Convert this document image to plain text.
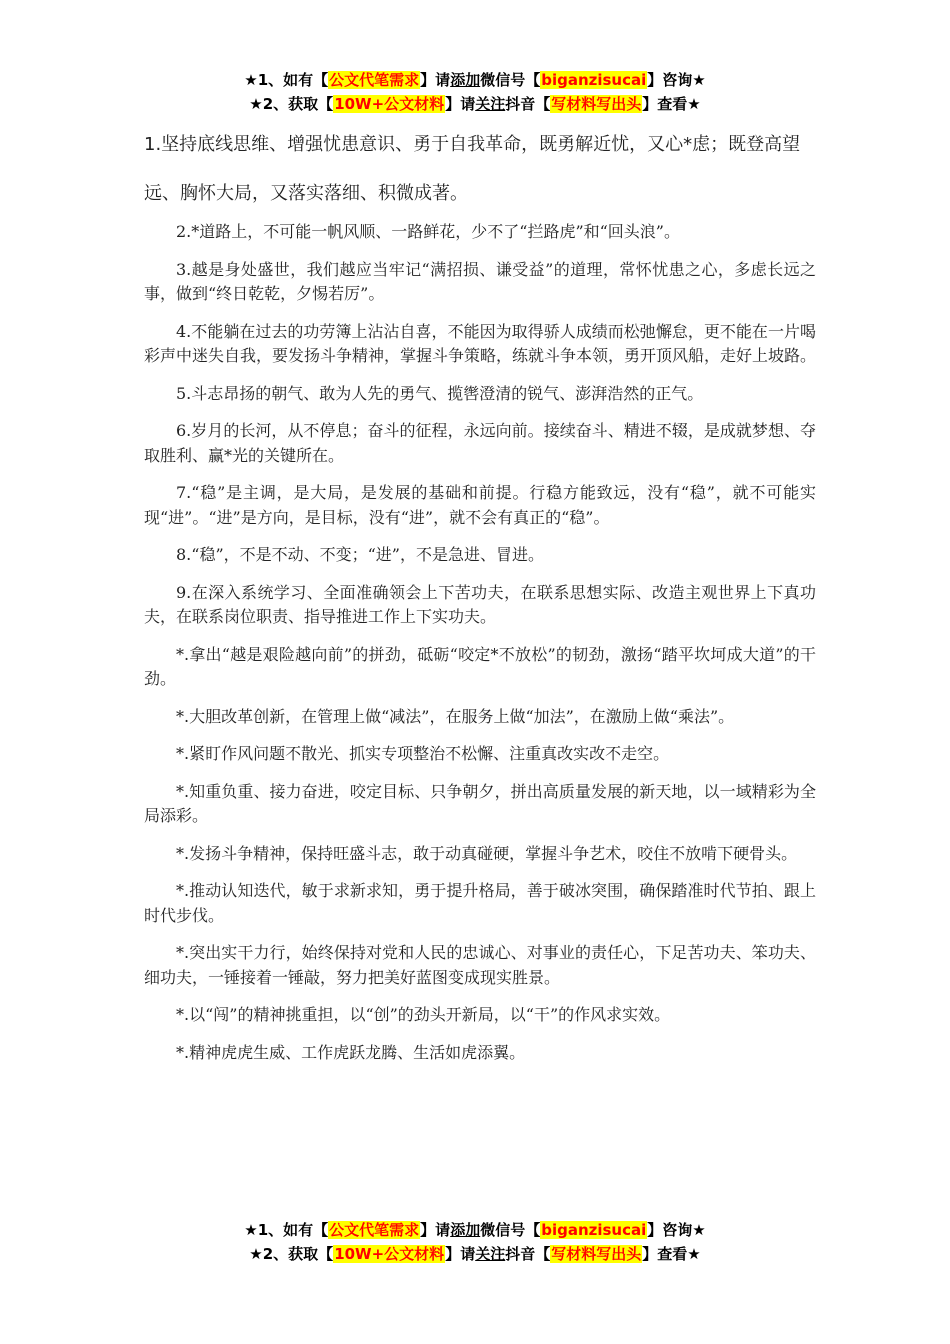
★1、如有【公文代笔需求】请添加微信号【biganzisucai】咨询★
★2、获取【10W+公文材料】请关注抖音【写材料写出头】查看★
1.坚持底线思维、增强忧患意识、勇于自我革命，既勇解近忧，又心*虑；既登高望远、胸怀大局，又落实落细、积微成著。

2.*道路上，不可能一帆风顺、一路鲜花，少不了“拦路虎”和“回头浪”。

3.越是身处盛世，我们越应当牢记“满招损、谦受益”的道理，常怀忧患之心，多虑长远之事，做到“终日乾乾，夕惕若厉”。

4.不能躺在过去的功劳簿上沾沾自喜，不能因为取得骄人成绩而松弛懈怠，更不能在一片喝彩声中迷失自我，要发扬斗争精神，掌握斗争策略，练就斗争本领，勇开顶风船，走好上坡路。

5.斗志昂扬的朝气、敢为人先的勇气、揽辔澄清的锐气、澎湃浩然的正气。

6.岁月的长河，从不停息；奋斗的征程，永远向前。接续奋斗、精进不辍，是成就梦想、夺取胜利、赢*光的关键所在。

7.“稳”是主调，是大局，是发展的基础和前提。行稳方能致远，没有“稳”，就不可能实现“进”。“进”是方向，是目标，没有“进”，就不会有真正的“稳”。

8.“稳”，不是不动、不变；“进”，不是急进、冒进。

9.在深入系统学习、全面准确领会上下苦功夫，在联系思想实际、改造主观世界上下真功夫，在联系岗位职责、指导推进工作上下实功夫。

*.拿出“越是艰险越向前”的拼劲，砥砺“咬定*不放松”的韧劲，激扬“踏平坎坷成大道”的干劲。

*.大胆改革创新，在管理上做“减法”，在服务上做“加法”，在激励上做“乘法”。

*.紧盯作风问题不散光、抓实专项整治不松懈、注重真改实改不走空。

*.知重负重、接力奋进，咬定目标、只争朝夕，拼出高质量发展的新天地，以一域精彩为全局添彩。

*.发扬斗争精神，保持旺盛斗志，敢于动真碰硬，掌握斗争艺术，咬住不放啃下硬骨头。

*.推动认知迭代，敏于求新求知，勇于提升格局，善于破冰突围，确保踏准时代节拍、跟上时代步伐。

*.突出实干力行，始终保持对党和人民的忠诚心、对事业的责任心，下足苦功夫、笨功夫、细功夫，一锤接着一锤敲，努力把美好蓝图变成现实胜景。

*.以“闯”的精神挑重担，以“创”的劲头开新局，以“干”的作风求实效。

*.精神虎虎生威、工作虎跃龙腾、生活如虎添翼。

★1、如有【公文代笔需求】请添加微信号【biganzisucai】咨询★
★2、获取【10W+公文材料】请关注抖音【写材料写出头】查看★
